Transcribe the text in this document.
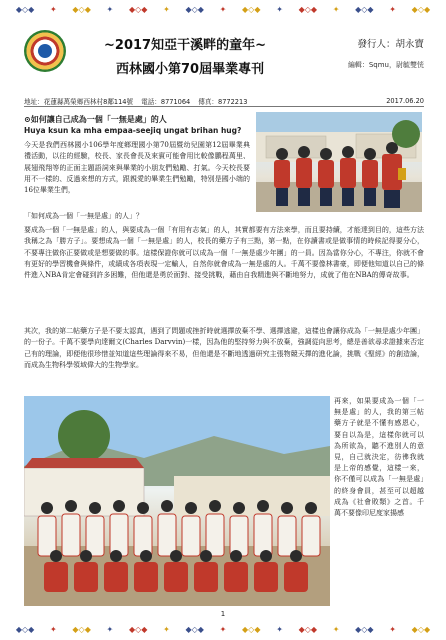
◆◇◆ ✦ ◆◇◆ ✦ ◆◇◆ ✦ ◆◇◆ ✦ ◆◇◆ ✦ ◆◇◆ ✦ ◆◇◆ ✦ ◆◇◆
~2017知亞干溪畔的童年~
西林國小第70屆畢業專刊
發行人：胡永寶
編輯：Sqmu，尉毓雙恍
地址：花蓮縣萬榮鄉西林村8鄰114號 電話：8771064 傳真：8772213	2017.06.20
⊙如何讓自己成為一個「一無是處」的人
Huya ksun ka mha empaa-seejiq ungat brihan hug?
今天是我們西林國小106學年度鄉理國小第70屆暨幼兒園第12屆畢業典禮活動，以往的經驗，校長、家長會長及來賓可能會用比較像鵬程萬里、展翅飛翔等的正面主題語詞來與畢業的小朋友們勉勵、打氣。今天校長要用不一樣的、反過來想的方式，跟親愛的畢業生們勉勵，特別是國小端的16位畢業生們，
「如何成為一個「一無是處」的人」？
要成為一個「一無是處」的人，與要成為一個「有用有志氣」的人，其實都要有方法來學，而且要持續，才能達到目的，這些方法我稱之為「勝方子」。要想成為一個「一無是處」的人，校長的藥方子有三點，第一點，在你讀書或是做事情的時候記得要分心，不要專注做你正要做或是想要做的事。這樣保證你就可以成為一個「一無是處少年團」的一員。因為當你分心，不專注，你就不會有更好的學習機會與條件，或績成各項表現一定輸人，自然你就會成為一無是處的人。千萬不要像林書豪，即便他知道以自己的條件進入NBA肯定會碰到許多困難，但他還是勇於面對、接受挑戰，藉由自我精進與不斷地努力，成就了他在NBA的傳奇故事。
其次，我的第二帖藥方子是不要太認真，遇到了問題或挫折時就選擇放棄不學、選擇逃避，這樣也會讓你成為「一無是處少年團」的一份子。千萬不要學向達爾文(Charles Darvvin)一樣，因為他的堅持努力與不放棄，強調從向思考，總是善欲尋求證據來否定己有的理論，即便他很珍惜並知道這些理論得來不易，但他還是不斷地透過研究主張物競天擇的進化論，挑戰《聖經》的創造論，而成為生物科學領域偉大的生物學家。
再來，如果要成為一個「一無是處」的人，我的第三帖藥方子就是不懂有感恩心，要自以為是，這樣你就可以為所欲為，聽不進別人的意見，自己就決定，彷彿我就是上帝的感覺，這樣一來，你不僅可以成為「一無是處」的終身會員，甚至可以超越成為《社會敗類》之首。千萬不要像印尼度家揚感
1
◆◇◆ ✦ ◆◇◆ ✦ ◆◇◆ ✦ ◆◇◆ ✦ ◆◇◆ ✦ ◆◇◆ ✦ ◆◇◆ ✦ ◆◇◆
